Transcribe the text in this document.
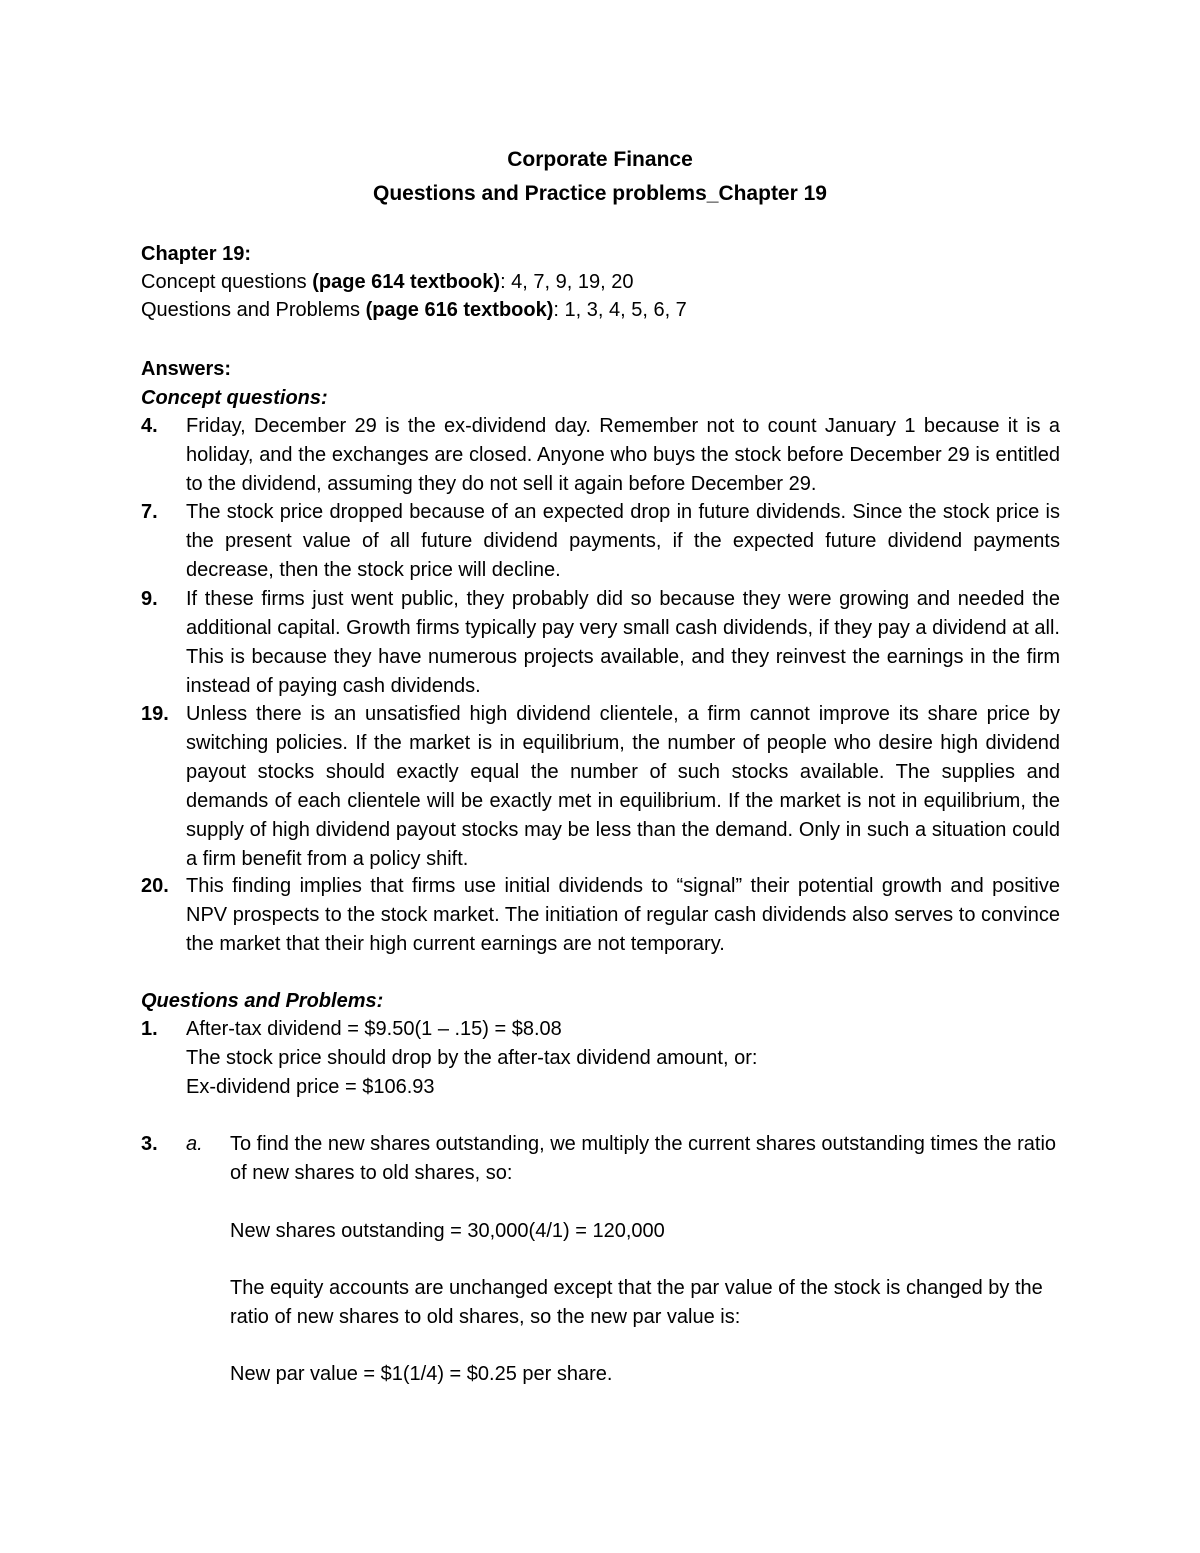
Corporate Finance
Questions and Practice problems_Chapter 19
Chapter 19:
Concept questions (page 614 textbook): 4, 7, 9, 19, 20
Questions and Problems (page 616 textbook): 1, 3, 4, 5, 6, 7
Answers:
Concept questions:
4. Friday, December 29 is the ex-dividend day. Remember not to count January 1 because it is a holiday, and the exchanges are closed. Anyone who buys the stock before December 29 is entitled to the dividend, assuming they do not sell it again before December 29.
7. The stock price dropped because of an expected drop in future dividends. Since the stock price is the present value of all future dividend payments, if the expected future dividend payments decrease, then the stock price will decline.
9. If these firms just went public, they probably did so because they were growing and needed the additional capital. Growth firms typically pay very small cash dividends, if they pay a dividend at all. This is because they have numerous projects available, and they reinvest the earnings in the firm instead of paying cash dividends.
19. Unless there is an unsatisfied high dividend clientele, a firm cannot improve its share price by switching policies. If the market is in equilibrium, the number of people who desire high dividend payout stocks should exactly equal the number of such stocks available. The supplies and demands of each clientele will be exactly met in equilibrium. If the market is not in equilibrium, the supply of high dividend payout stocks may be less than the demand. Only in such a situation could a firm benefit from a policy shift.
20. This finding implies that firms use initial dividends to “signal” their potential growth and positive NPV prospects to the stock market. The initiation of regular cash dividends also serves to convince the market that their high current earnings are not temporary.
Questions and Problems:
1. After-tax dividend = $9.50(1 – .15) = $8.08
The stock price should drop by the after-tax dividend amount, or:
Ex-dividend price = $106.93
3. a. To find the new shares outstanding, we multiply the current shares outstanding times the ratio of new shares to old shares, so:
New shares outstanding = 30,000(4/1) = 120,000
The equity accounts are unchanged except that the par value of the stock is changed by the ratio of new shares to old shares, so the new par value is:
New par value = $1(1/4) = $0.25 per share.
